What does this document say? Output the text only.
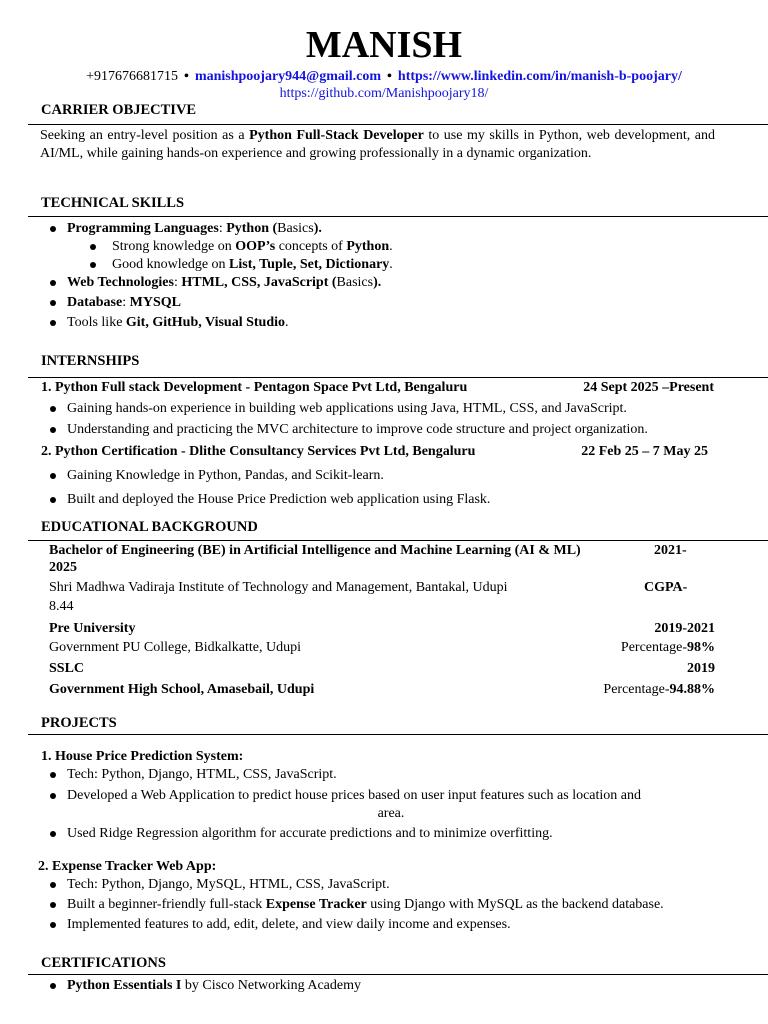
MANISH
+917676681715 • manishpoojary944@gmail.com • https://www.linkedin.com/in/manish-b-poojary/
https://github.com/Manishpoojary18/
CARRIER OBJECTIVE
Seeking an entry-level position as a Python Full-Stack Developer to use my skills in Python, web development, and AI/ML, while gaining hands-on experience and growing professionally in a dynamic organization.
TECHNICAL SKILLS
Programming Languages: Python (Basics).
Strong knowledge on OOP’s concepts of Python.
Good knowledge on List, Tuple, Set, Dictionary.
Web Technologies: HTML, CSS, JavaScript (Basics).
Database: MYSQL
Tools like Git, GitHub, Visual Studio.
INTERNSHIPS
1. Python Full stack Development - Pentagon Space Pvt Ltd, Bengaluru	24 Sept 2025 –Present
Gaining hands-on experience in building web applications using Java, HTML, CSS, and JavaScript.
Understanding and practicing the MVC architecture to improve code structure and project organization.
2. Python Certification - Dlithe Consultancy Services Pvt Ltd, Bengaluru	22 Feb 25 – 7 May 25
Gaining Knowledge in Python, Pandas, and Scikit-learn.
Built and deployed the House Price Prediction web application using Flask.
EDUCATIONAL BACKGROUND
Bachelor of Engineering (BE) in Artificial Intelligence and Machine Learning (AI & ML)	2021-
2025
Shri Madhwa Vadiraja Institute of Technology and Management, Bantakal, Udupi	CGPA-
8.44
Pre University	2019-2021
Government PU College, Bidkalkatte, Udupi	Percentage-98%
SSLC	2019
Government High School, Amasebail, Udupi	Percentage-94.88%
PROJECTS
1. House Price Prediction System:
Tech: Python, Django, HTML, CSS, JavaScript.
Developed a Web Application to predict house prices based on user input features such as location and

area.
Used Ridge Regression algorithm for accurate predictions and to minimize overfitting.
2. Expense Tracker Web App:
Tech: Python, Django, MySQL, HTML, CSS, JavaScript.
Built a beginner-friendly full-stack Expense Tracker using Django with MySQL as the backend database.
Implemented features to add, edit, delete, and view daily income and expenses.
CERTIFICATIONS
Python Essentials I by Cisco Networking Academy
